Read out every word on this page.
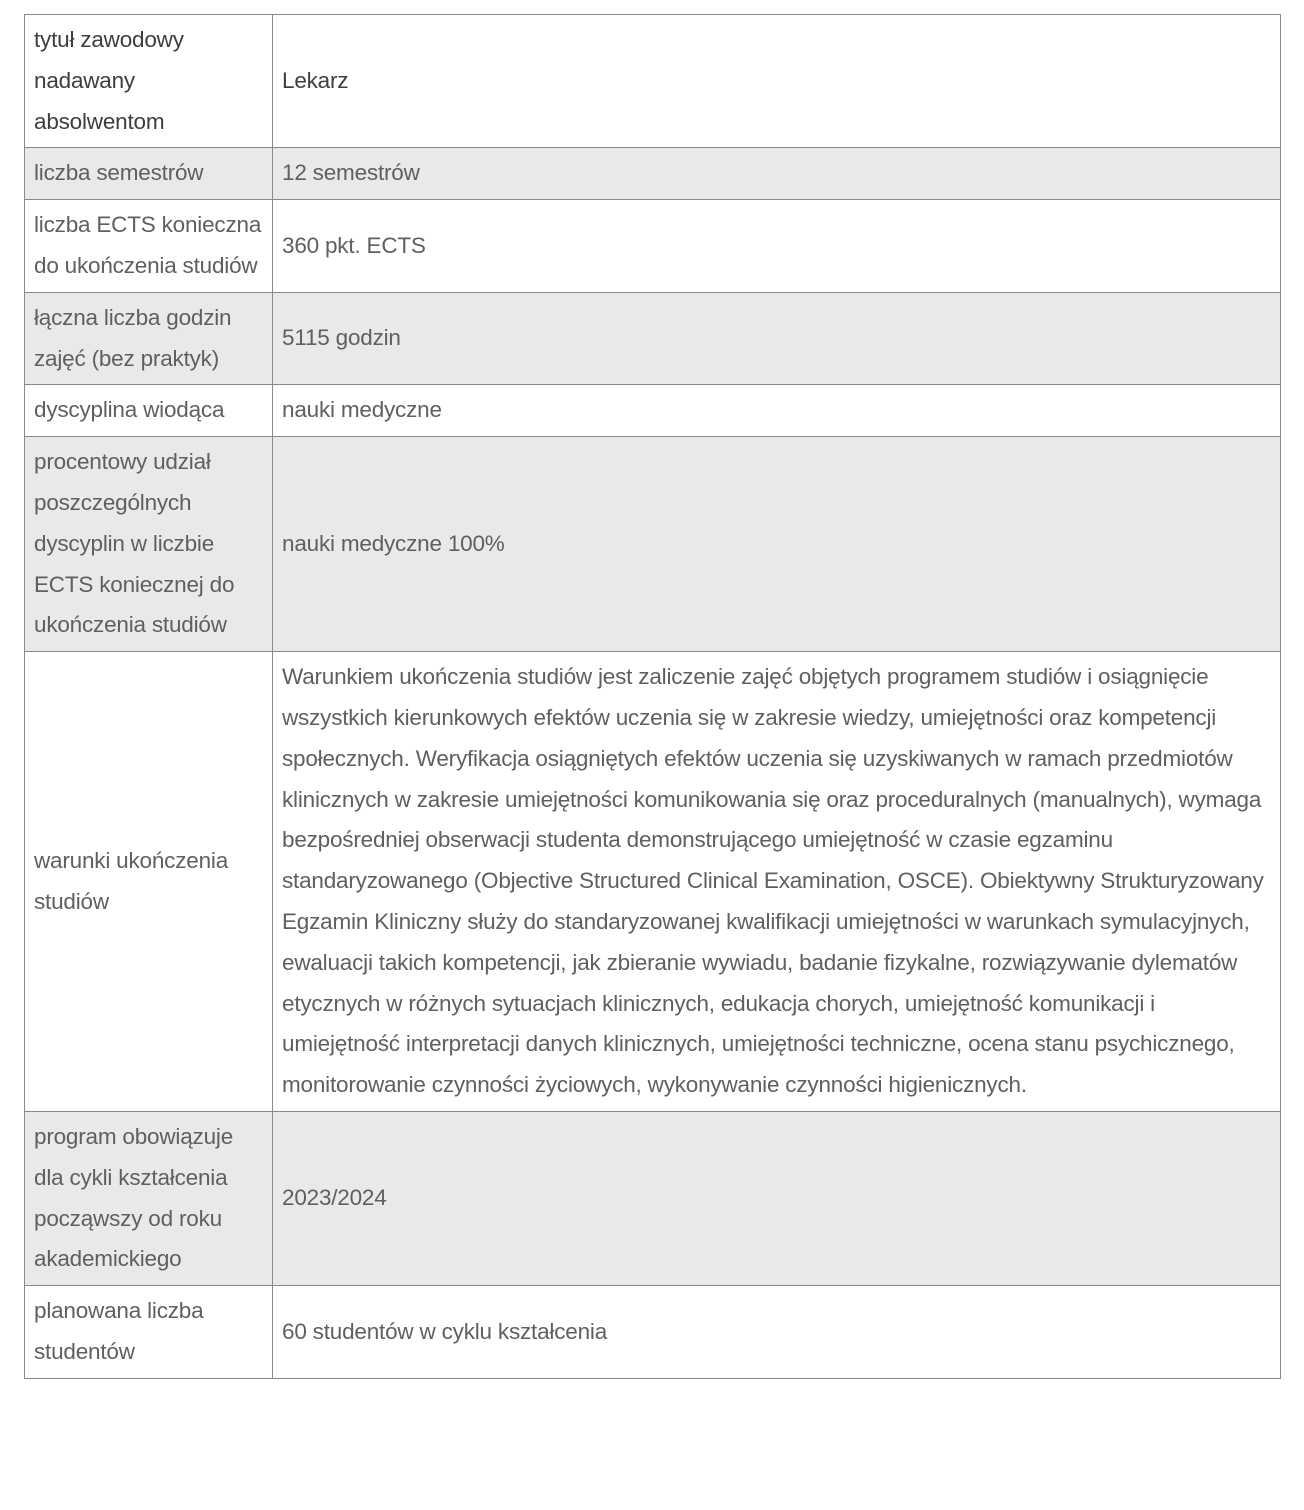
tytuł zawodowy nadawany absolwentom	Lekarz
liczba semestrów	12 semestrów
liczba ECTS konieczna do ukończenia studiów	360 pkt. ECTS
łączna liczba godzin zajęć (bez praktyk)	5115 godzin
dyscyplina wiodąca	nauki medyczne
procentowy udział poszczególnych dyscyplin w liczbie ECTS koniecznej do ukończenia studiów	nauki medyczne 100%
warunki ukończenia studiów	Warunkiem ukończenia studiów jest zaliczenie zajęć objętych programem studiów i osiągnięcie wszystkich kierunkowych efektów uczenia się w zakresie wiedzy, umiejętności oraz kompetencji społecznych. Weryfikacja osiągniętych efektów uczenia się uzyskiwanych w ramach przedmiotów klinicznych w zakresie umiejętności komunikowania się oraz proceduralnych (manualnych), wymaga bezpośredniej obserwacji studenta demonstrującego umiejętność w czasie egzaminu standaryzowanego (Objective Structured Clinical Examination, OSCE). Obiektywny Strukturyzowany Egzamin Kliniczny służy do standaryzowanej kwalifikacji umiejętności w warunkach symulacyjnych, ewaluacji takich kompetencji, jak zbieranie wywiadu, badanie fizykalne, rozwiązywanie dylematów etycznych w różnych sytuacjach klinicznych, edukacja chorych, umiejętność komunikacji i umiejętność interpretacji danych klinicznych, umiejętności techniczne, ocena stanu psychicznego, monitorowanie czynności życiowych, wykonywanie czynności higienicznych.
program obowiązuje dla cykli kształcenia począwszy od roku akademickiego	2023/2024
planowana liczba studentów	60 studentów w cyklu kształcenia
